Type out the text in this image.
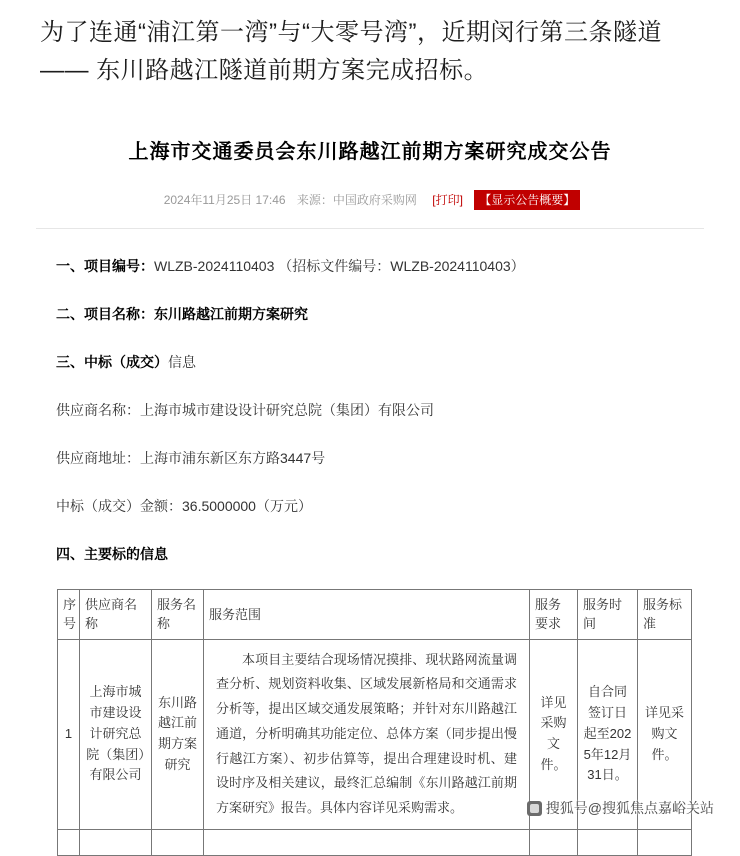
为了连通“浦江第一湾”与“大零号湾”，近期闵行第三条隧道 —— 东川路越江隧道前期方案完成招标。

上海市交通委员会东川路越江前期方案研究成交公告
2024年11月25日 17:46 来源：中国政府采购网 [打印] 【显示公告概要】

一、项目编号：WLZB-2024110403 （招标文件编号：WLZB-2024110403）

二、项目名称：东川路越江前期方案研究

三、中标（成交）信息

供应商名称：上海市城市建设设计研究总院（集团）有限公司

供应商地址：上海市浦东新区东方路3447号

中标（成交）金额：36.5000000（万元）

四、主要标的信息

序号	供应商名称	服务名称	服务范围	服务要求	服务时间	服务标准
1	上海市城市建设设计研究总院（集团）有限公司	东川路越江前期方案研究	本项目主要结合现场情况摸排、现状路网流量调查分析、规划资料收集、区域发展新格局和交通需求分析等，提出区域交通发展策略；并针对东川路越江通道，分析明确其功能定位、总体方案（同步提出慢行越江方案）、初步估算等，提出合理建设时机、建设时序及相关建议，最终汇总编制《东川路越江前期方案研究》报告。具体内容详见采购需求。	详见采购文件。	自合同签订日起至2025年12月31日。	详见采购文件。

搜狐号@搜狐焦点嘉峪关站
